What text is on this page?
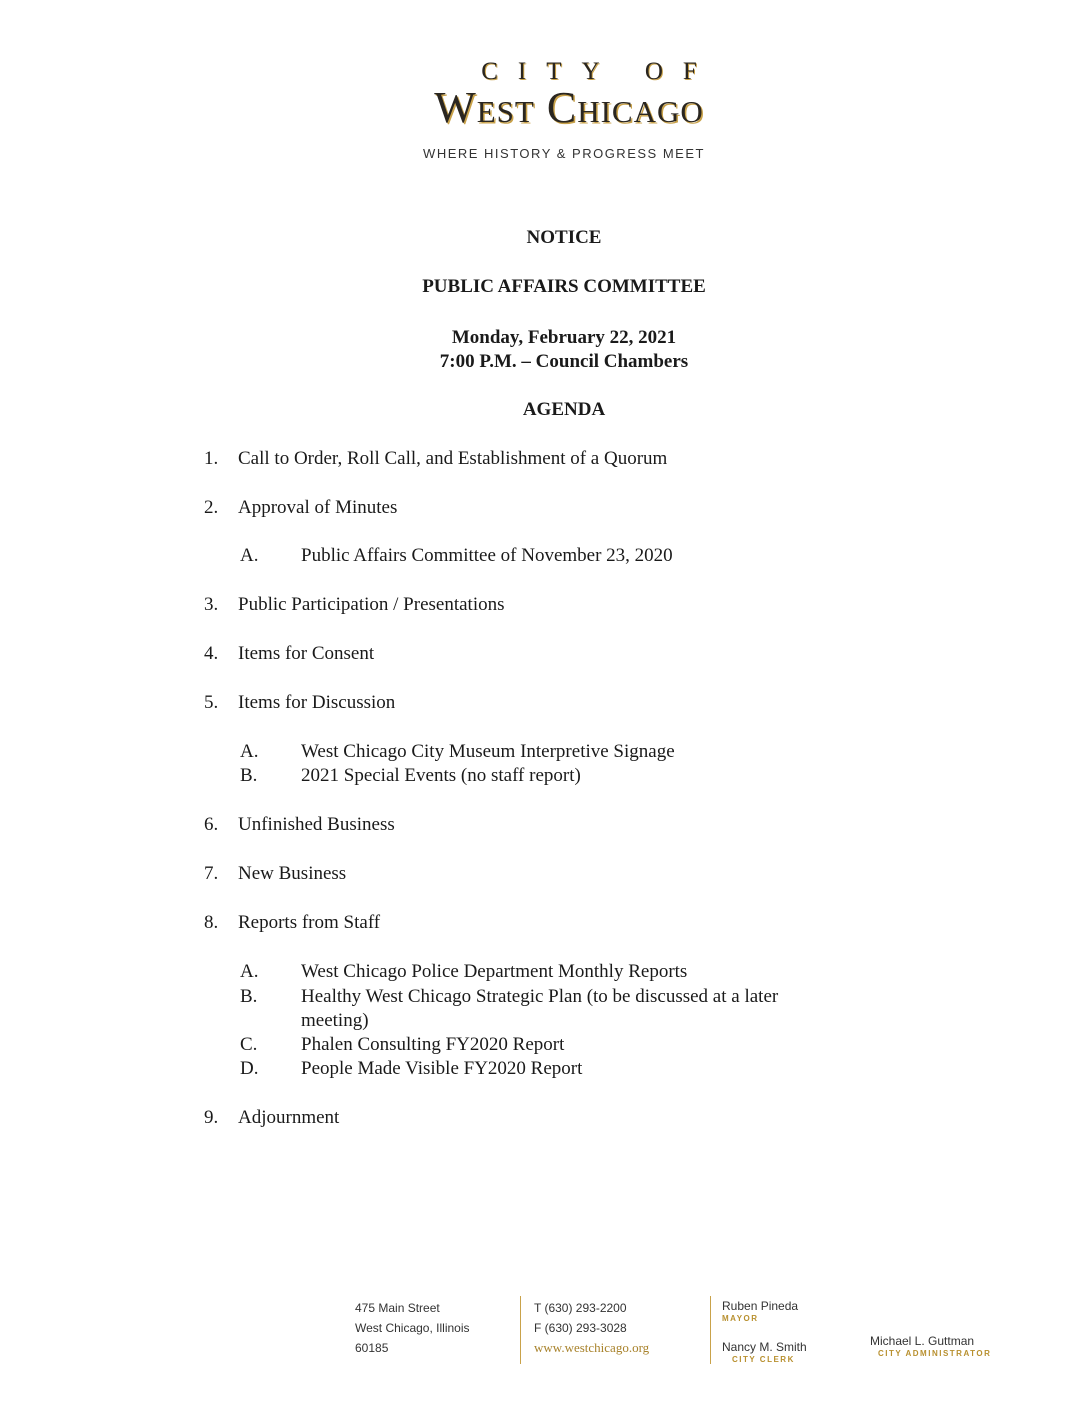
CITY OF
West Chicago
WHERE HISTORY & PROGRESS MEET
NOTICE
PUBLIC AFFAIRS COMMITTEE
Monday, February 22, 2021
7:00 P.M. – Council Chambers
AGENDA
1. Call to Order, Roll Call, and Establishment of a Quorum
2. Approval of Minutes
A. Public Affairs Committee of November 23, 2020
3. Public Participation / Presentations
4. Items for Consent
5. Items for Discussion
A. West Chicago City Museum Interpretive Signage
B. 2021 Special Events (no staff report)
6. Unfinished Business
7. New Business
8. Reports from Staff
A. West Chicago Police Department Monthly Reports
B. Healthy West Chicago Strategic Plan (to be discussed at a later
meeting)
C. Phalen Consulting FY2020 Report
D. People Made Visible FY2020 Report
9. Adjournment
475 Main Street
West Chicago, Illinois
60185
T (630) 293-2200
F (630) 293-3028
www.westchicago.org
Ruben Pineda
MAYOR
Nancy M. Smith
CITY CLERK
Michael L. Guttman
CITY ADMINISTRATOR
